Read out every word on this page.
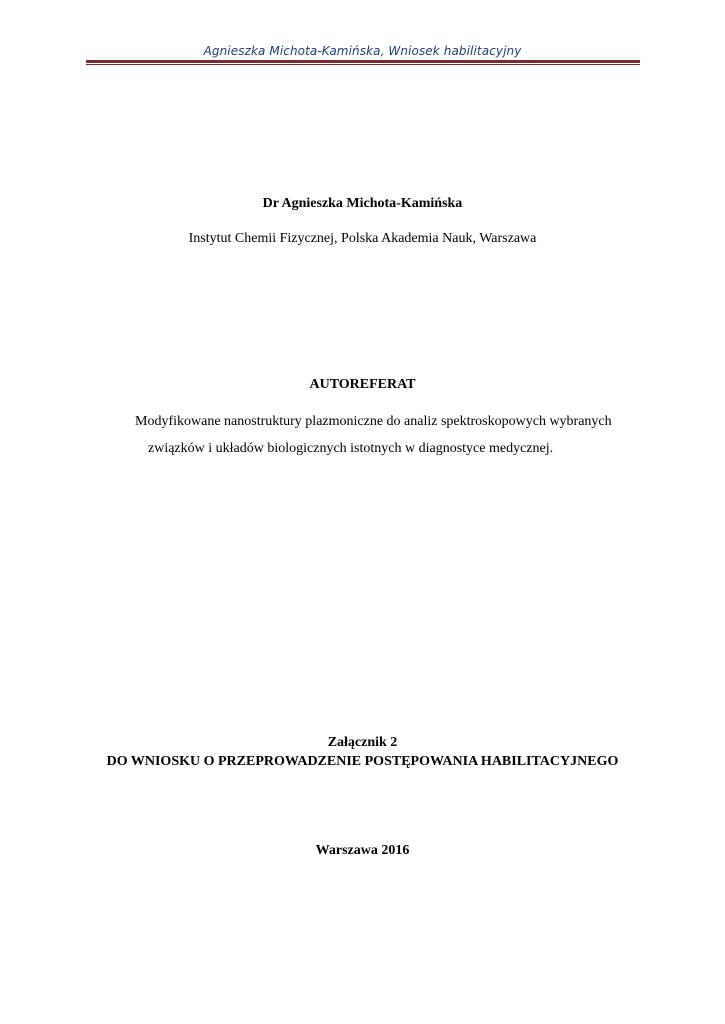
Agnieszka Michota-Kamińska, Wniosek habilitacyjny
Dr Agnieszka Michota-Kamińska
Instytut Chemii Fizycznej, Polska Akademia Nauk, Warszawa
AUTOREFERAT
Modyfikowane nanostruktury plazmoniczne do analiz spektroskopowych wybranych
związków i układów biologicznych istotnych w diagnostyce medycznej.
Załącznik 2
DO WNIOSKU O PRZEPROWADZENIE POSTĘPOWANIA HABILITACYJNEGO
Warszawa 2016
